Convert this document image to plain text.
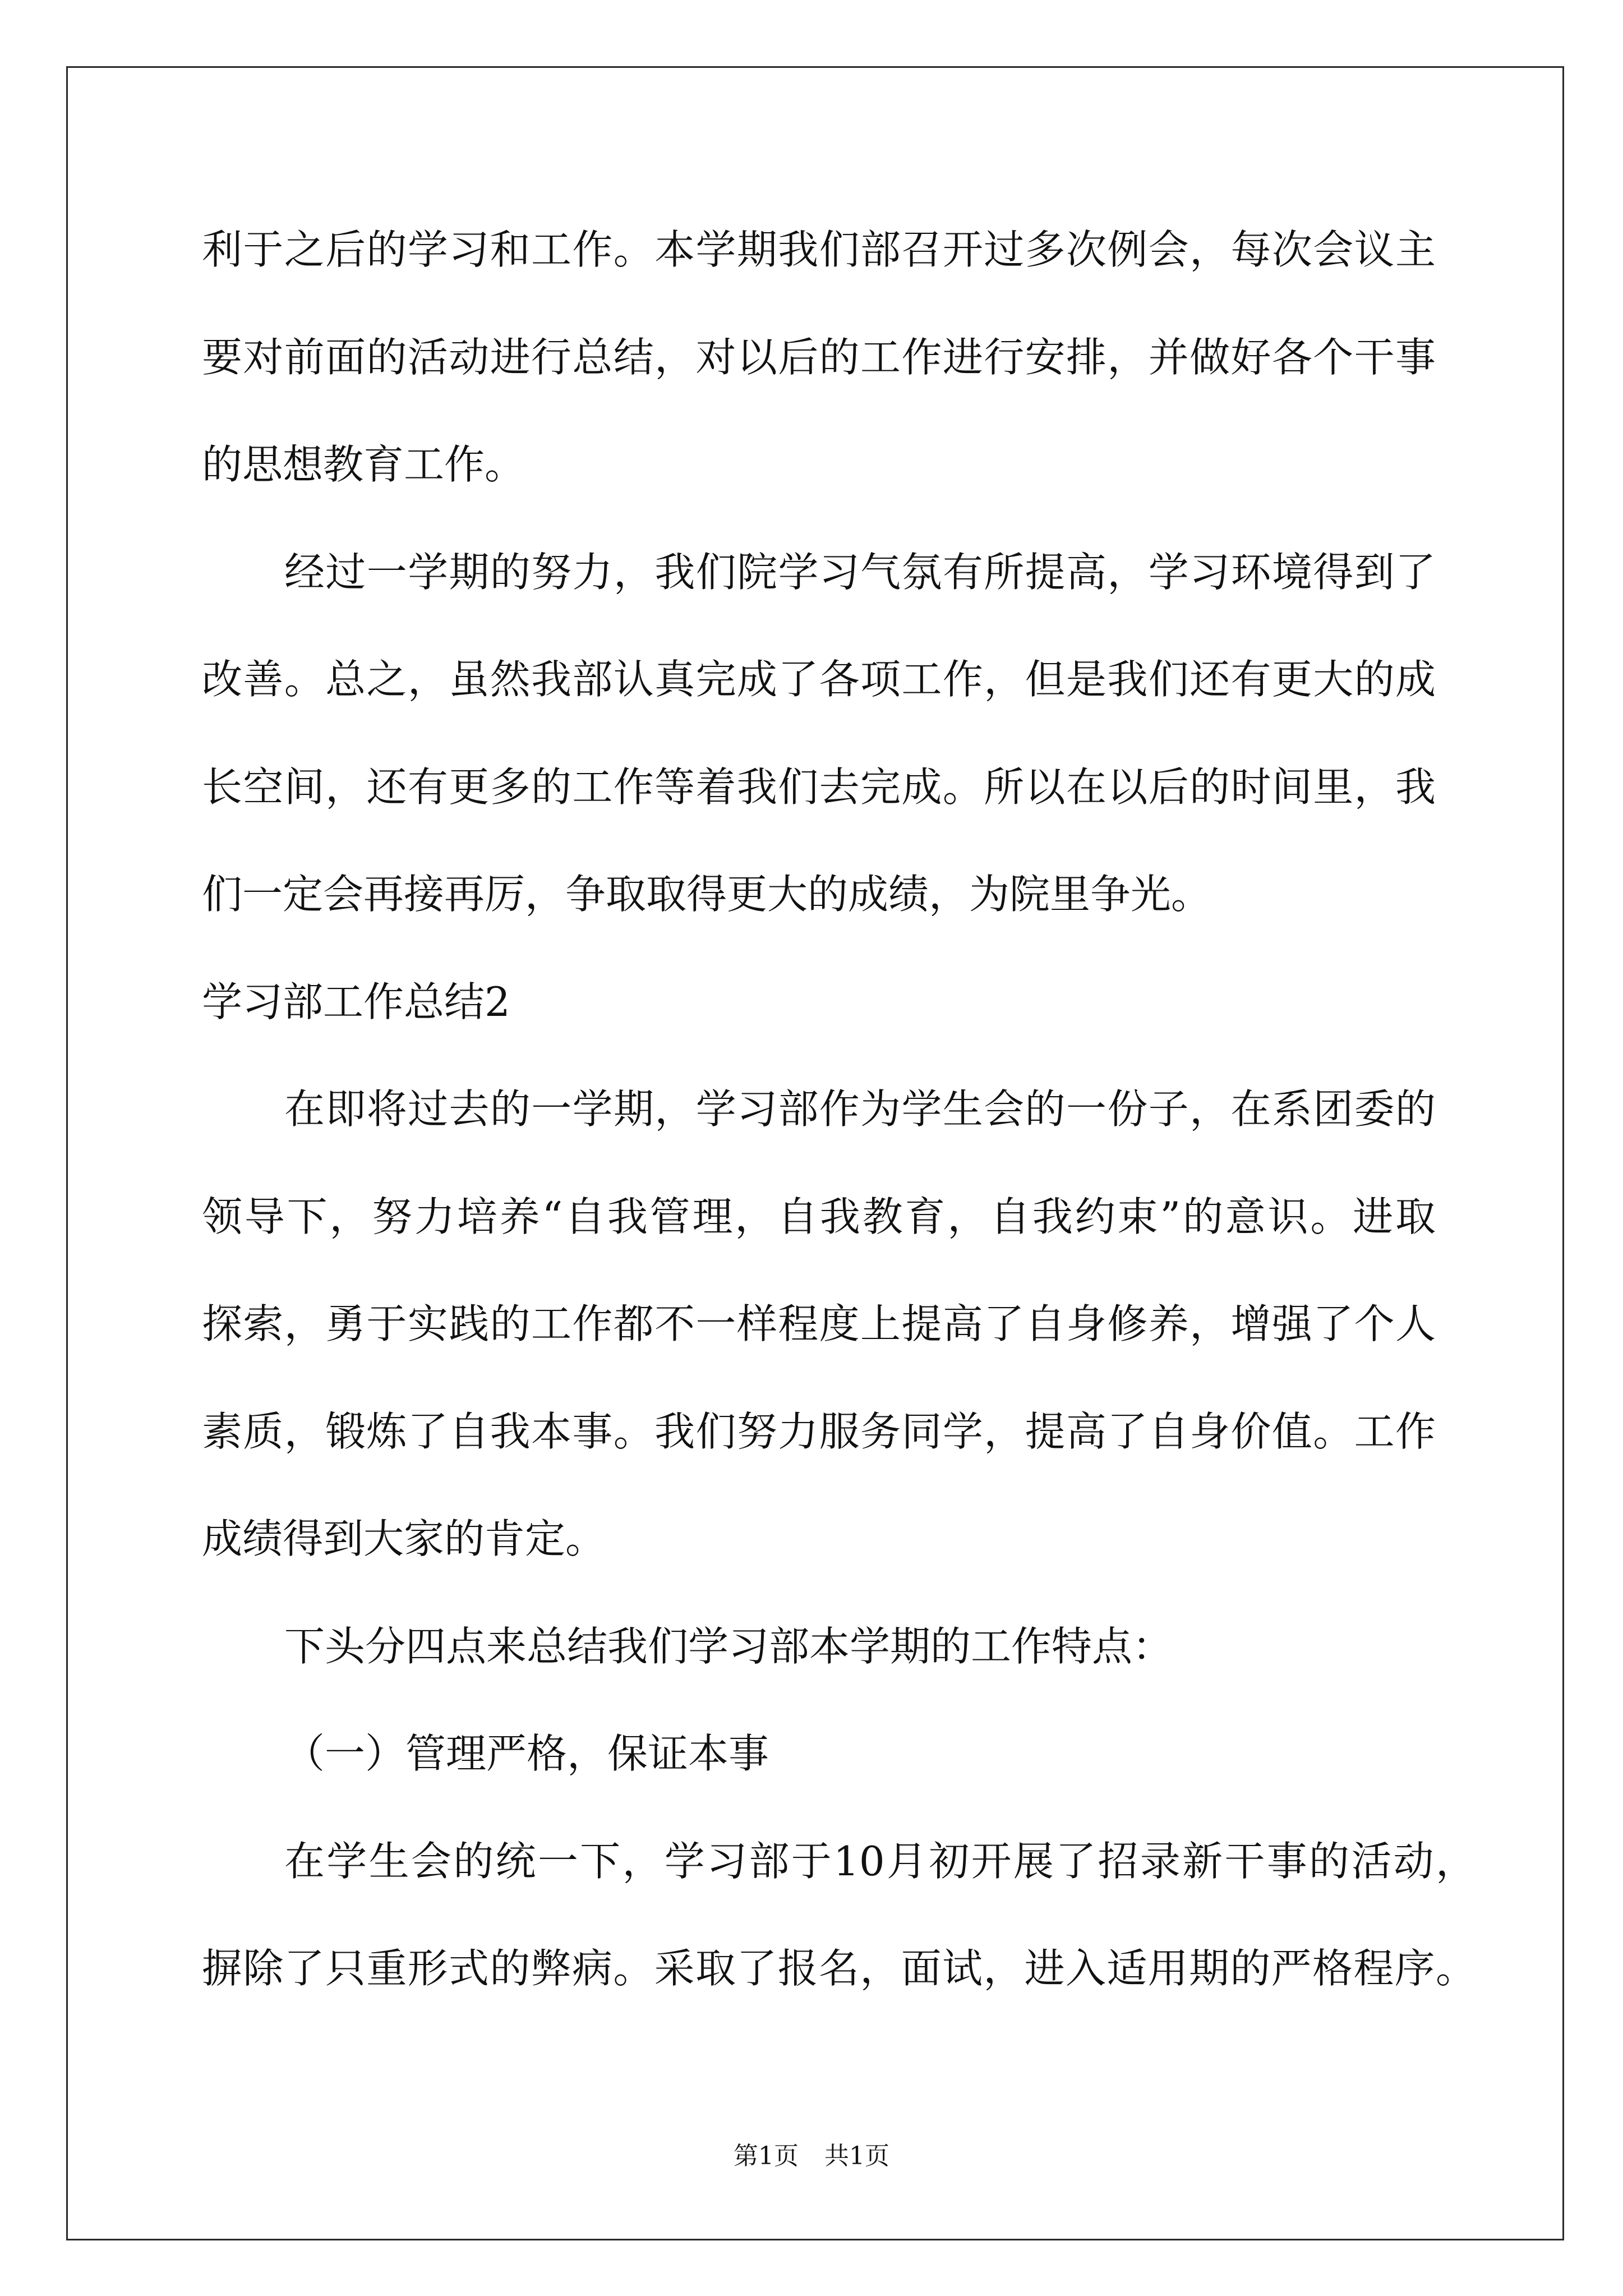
利于之后的学习和工作。本学期我们部召开过多次例会，每次会议主
要对前面的活动进行总结，对以后的工作进行安排，并做好各个干事
的思想教育工作。
经过一学期的努力，我们院学习气氛有所提高，学习环境得到了
改善。总之，虽然我部认真完成了各项工作，但是我们还有更大的成
长空间，还有更多的工作等着我们去完成。所以在以后的时间里，我
们一定会再接再厉，争取取得更大的成绩，为院里争光。
学习部工作总结2
在即将过去的一学期，学习部作为学生会的一份子，在系团委的
领导下，努力培养“自我管理，自我教育，自我约束”的意识。进取
探索，勇于实践的工作都不一样程度上提高了自身修养，增强了个人
素质，锻炼了自我本事。我们努力服务同学，提高了自身价值。工作
成绩得到大家的肯定。
下头分四点来总结我们学习部本学期的工作特点：
（一）管理严格，保证本事
在学生会的统一下，学习部于10月初开展了招录新干事的活动，
摒除了只重形式的弊病。采取了报名，面试，进入适用期的严格程序。
第1页 共1页
